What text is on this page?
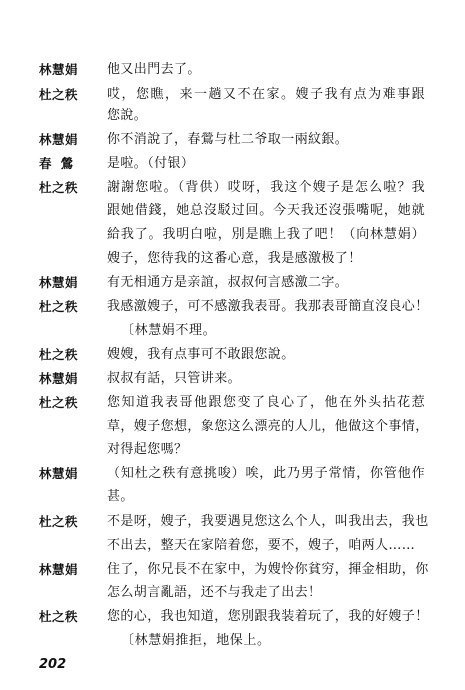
林慧娟	他又出門去了。
杜之秩	哎，您瞧，来一趟又不在家。嫂子我有点为难事跟
您說。
林慧娟	你不消說了，春鶯与杜二爷取一兩紋銀。
春鶯	是啦。（付银）
杜之秩	謝謝您啦。（背供）哎呀，我这个嫂子是怎么啦？我
跟她借錢，她总沒駁过回。今天我还沒張嘴呢，她就
給我了。我明白啦，別是瞧上我了吧！（向林慧娟）
嫂子，您待我的这番心意，我是感激极了！
林慧娟	有无相通方是亲誼，叔叔何言感激二字。
杜之秩	我感激嫂子，可不感激我表哥。我那表哥簡直沒良心！
〔林慧娟不理。
杜之秩	嫂嫂，我有点事可不敢跟您說。
林慧娟	叔叔有話，只管讲来。
杜之秩	您知道我表哥他跟您变了良心了，他在外头拈花惹
草，嫂子您想，象您这么漂亮的人儿，他做这个事情，
对得起您嗎？
林慧娟	（知杜之秩有意挑唆）唉，此乃男子常情，你管他作
甚。
杜之秩	不是呀，嫂子，我要遇見您这么个人，叫我出去，我也
不出去，整天在家陪着您，要不，嫂子，咱两人……
林慧娟	住了，你兄長不在家中，为嫂怜你貧穷，揮金相助，你
怎么胡言亂語，还不与我走了出去！
杜之秩	您的心，我也知道，您別跟我装着玩了，我的好嫂子！
〔林慧娟推拒，地保上。
202
